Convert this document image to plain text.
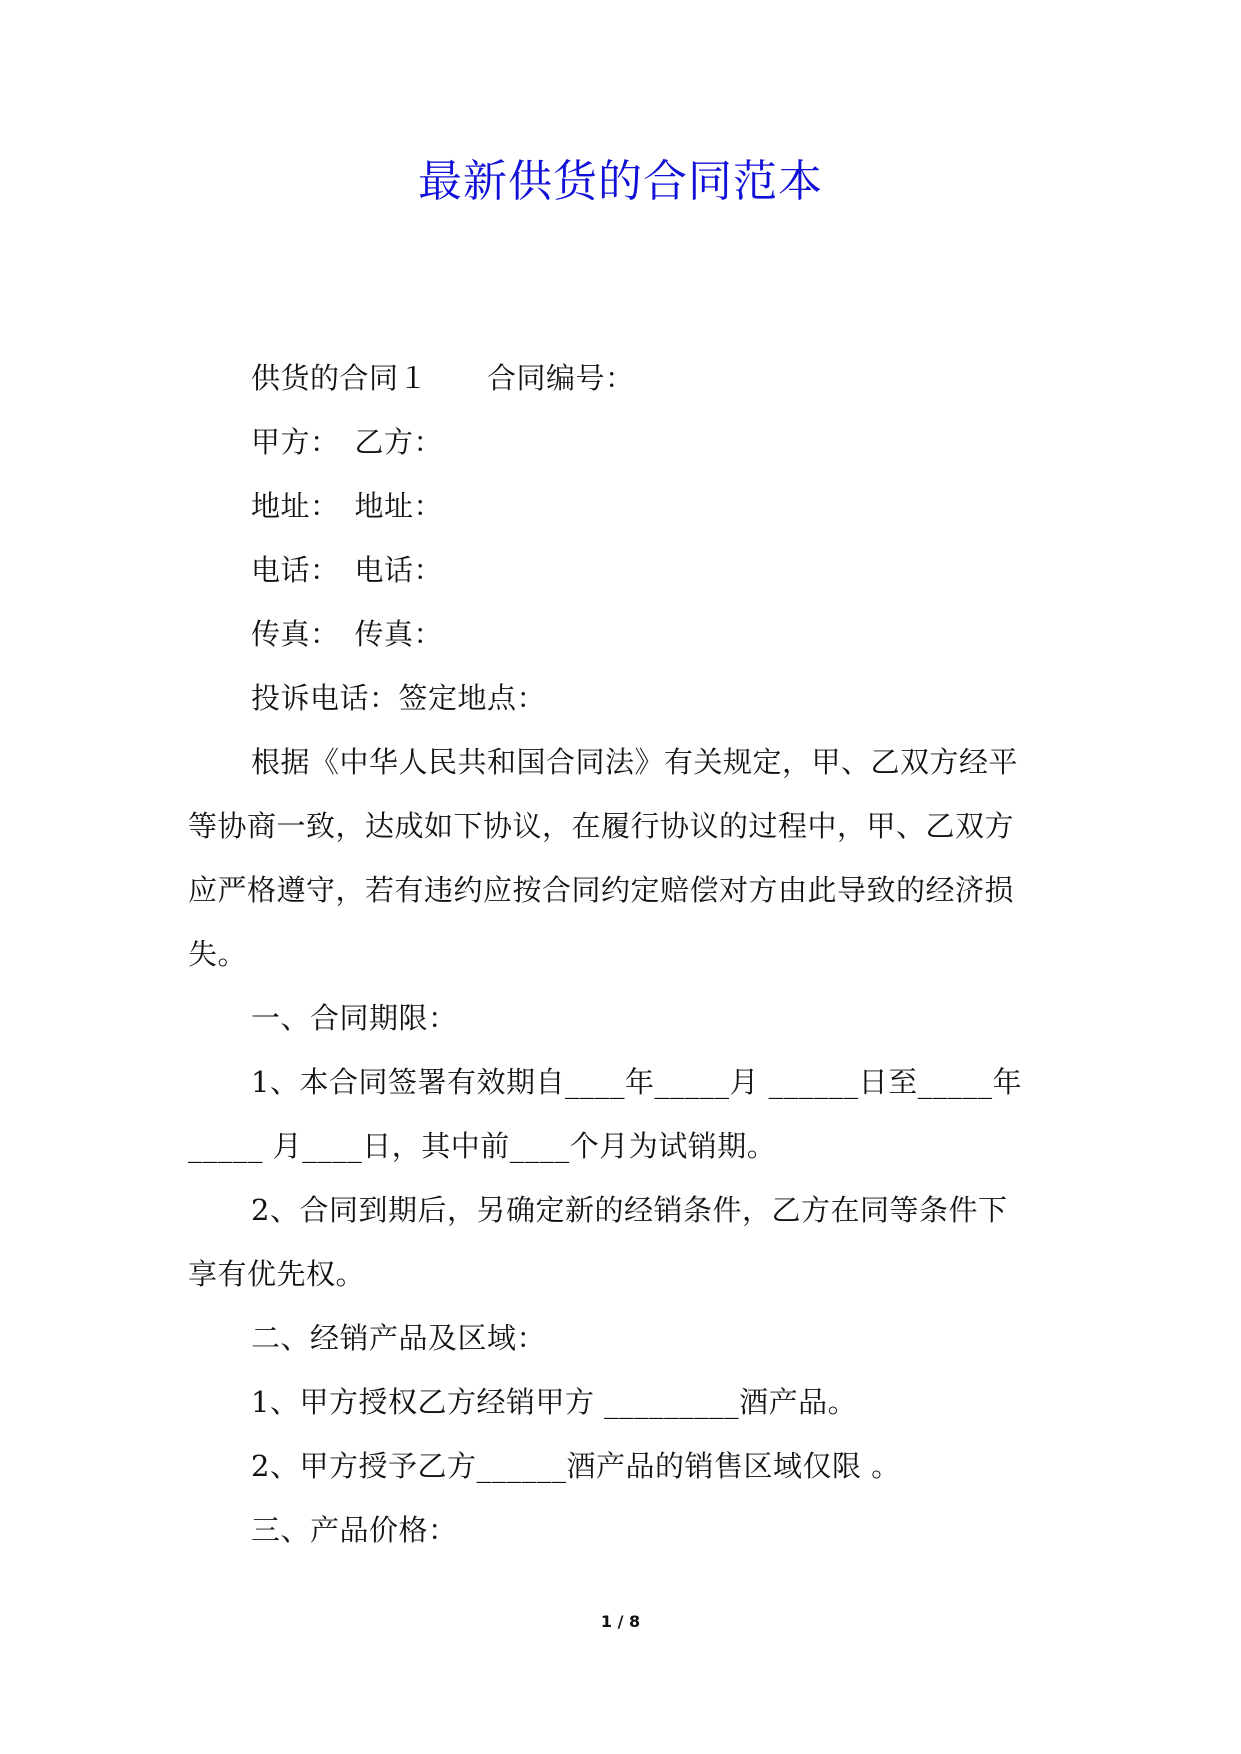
最新供货的合同范本
供货的合同１　　合同编号：
甲方：　乙方：
地址：　地址：
电话：　电话：
传真：　传真：
投诉电话：签定地点：
根据《中华人民共和国合同法》有关规定，甲、乙双方经平
等协商一致，达成如下协议，在履行协议的过程中，甲、乙双方
应严格遵守，若有违约应按合同约定赔偿对方由此导致的经济损
失。
一、合同期限：
1、本合同签署有效期自____年_____月 ______日至_____年
_____ 月____日，其中前____个月为试销期。
2、合同到期后，另确定新的经销条件，乙方在同等条件下
享有优先权。
二、经销产品及区域：
1、甲方授权乙方经销甲方 _________酒产品。
2、甲方授予乙方______酒产品的销售区域仅限 。
三、产品价格：
1 / 8
